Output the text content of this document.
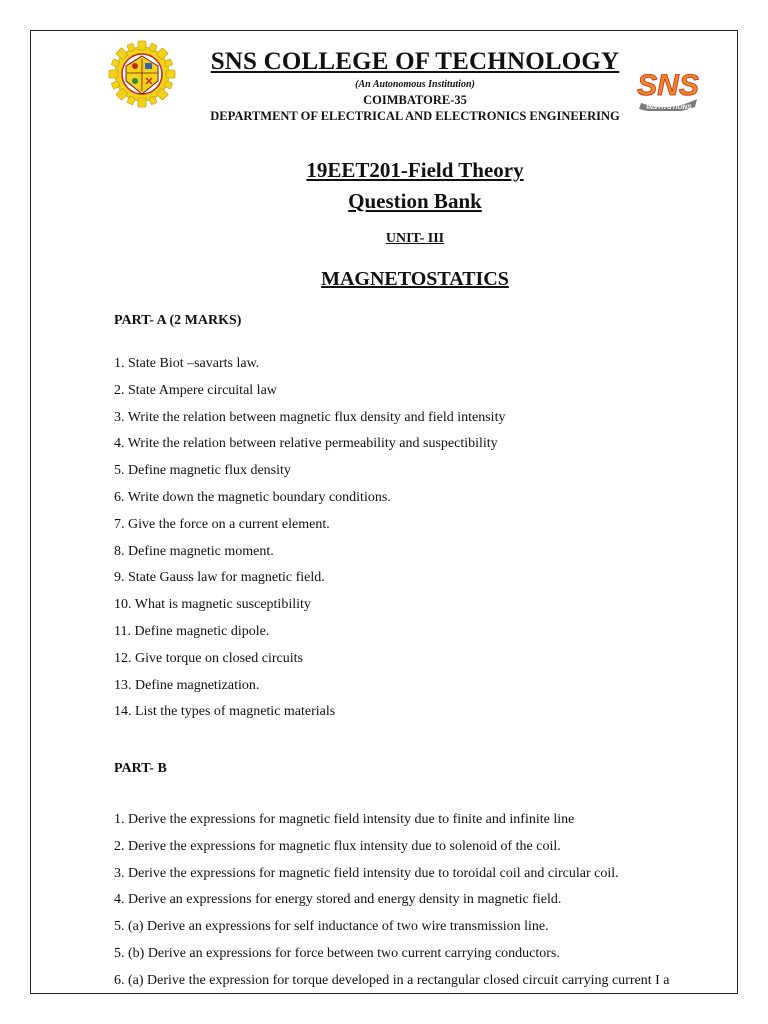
SNS COLLEGE OF TECHNOLOGY
(An Autonomous Institution)
COIMBATORE-35
DEPARTMENT OF ELECTRICAL AND ELECTRONICS ENGINEERING
SNS
INSTITUTIONS
19EET201-Field Theory
Question Bank
UNIT- III
MAGNETOSTATICS
PART- A (2 MARKS)
1. State Biot –savarts law.
2. State Ampere circuital law
3. Write the relation between magnetic flux density and field intensity
4. Write the relation between relative permeability and suspectibility
5. Define magnetic flux density
6. Write down the magnetic boundary conditions.
7. Give the force on a current element.
8. Define magnetic moment.
9. State Gauss law for magnetic field.
10. What is magnetic susceptibility
11. Define magnetic dipole.
12. Give torque on closed circuits
13. Define magnetization.
14. List the types of magnetic materials
PART- B
1. Derive the expressions for magnetic field intensity due to finite and infinite line
2. Derive the expressions for magnetic flux intensity due to solenoid of the coil.
3. Derive the expressions for magnetic field intensity due to toroidal coil and circular coil.
4. Derive an expressions for energy stored and energy density in magnetic field.
5. (a) Derive an expressions for self inductance of two wire transmission line.
5. (b) Derive an expressions for force between two current carrying conductors.
6. (a) Derive the expression for torque developed in a rectangular closed circuit carrying current I a
